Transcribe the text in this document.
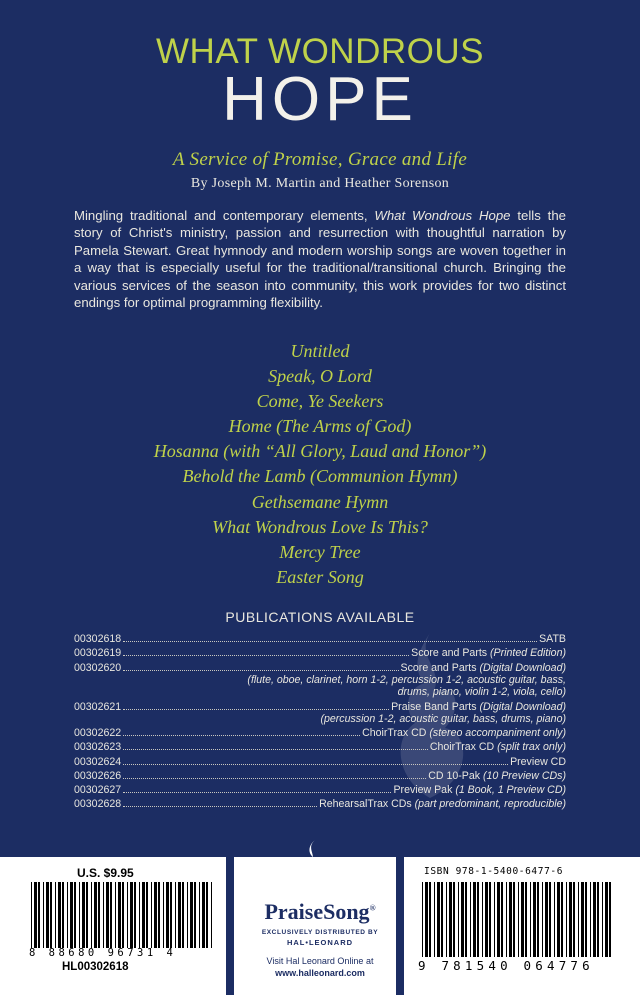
WHAT WONDROUS
HOPE
A Service of Promise, Grace and Life
By Joseph M. Martin and Heather Sorenson
Mingling traditional and contemporary elements, What Wondrous Hope tells the story of Christ's ministry, passion and resurrection with thoughtful narration by Pamela Stewart. Great hymnody and modern worship songs are woven together in a way that is especially useful for the traditional/transitional church. Bringing the various services of the season into community, this work provides for two distinct endings for optimal programming flexibility.
Untitled
Speak, O Lord
Come, Ye Seekers
Home (The Arms of God)
Hosanna (with “All Glory, Laud and Honor”)
Behold the Lamb (Communion Hymn)
Gethsemane Hymn
What Wondrous Love Is This?
Mercy Tree
Easter Song
PUBLICATIONS AVAILABLE
00302618	SATB
00302619	Score and Parts (Printed Edition)
00302620	Score and Parts (Digital Download)
(flute, oboe, clarinet, horn 1-2, percussion 1-2, acoustic guitar, bass, drums, piano, violin 1-2, viola, cello)
00302621	Praise Band Parts (Digital Download)
(percussion 1-2, acoustic guitar, bass, drums, piano)
00302622	ChoirTrax CD (stereo accompaniment only)
00302623	ChoirTrax CD (split trax only)
00302624	Preview CD
00302626	CD 10-Pak (10 Preview CDs)
00302627	Preview Pak (1 Book, 1 Preview CD)
00302628	RehearsalTrax CDs (part predominant, reproducible)
U.S. $9.95
8 88680 96731 4
HL00302618
PraiseSong®
EXCLUSIVELY DISTRIBUTED BY
HAL•LEONARD
Visit Hal Leonard Online at
www.halleonard.com
ISBN 978-1-5400-6477-6
9 781540 064776
